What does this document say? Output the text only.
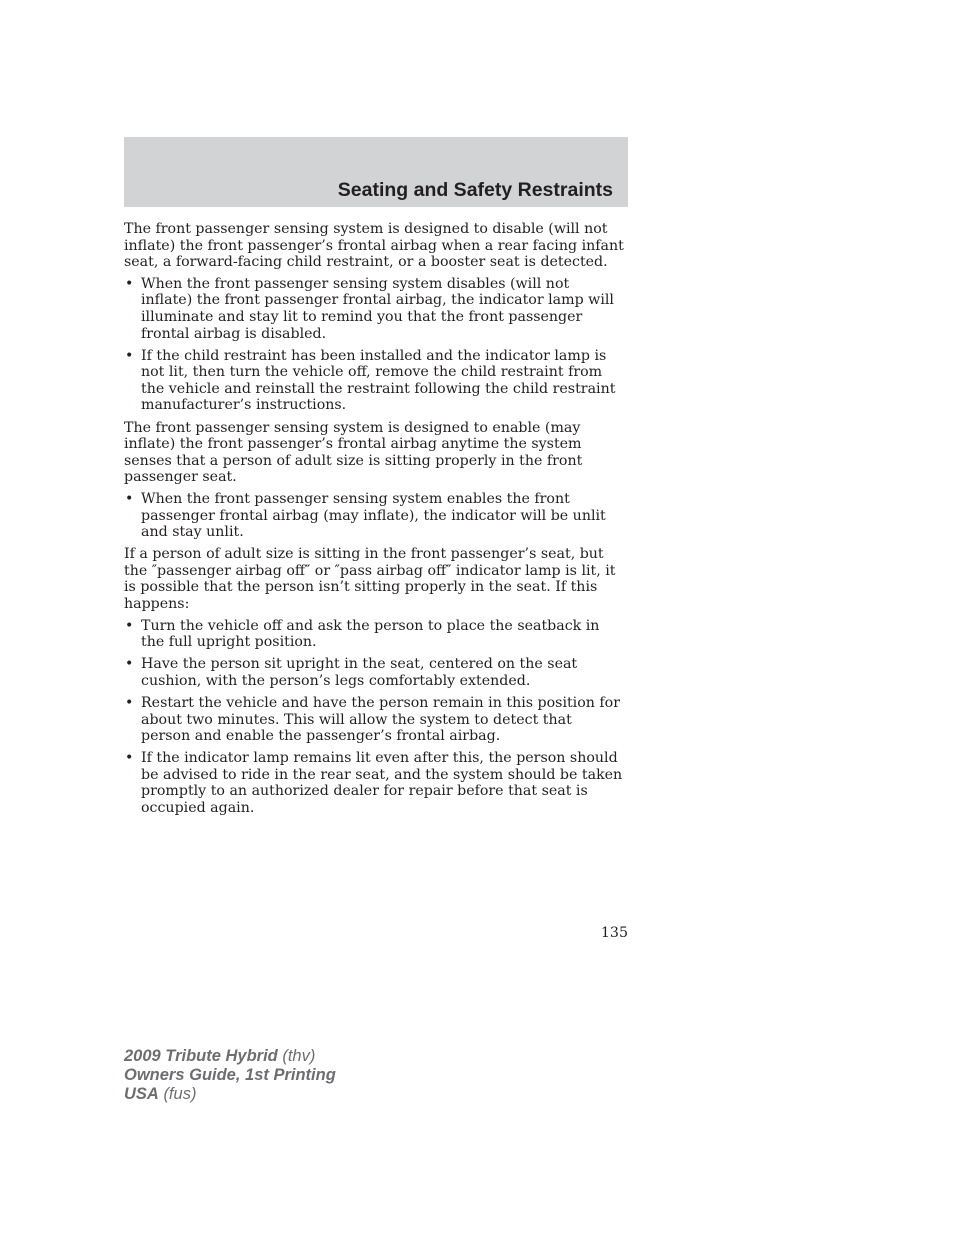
Seating and Safety Restraints

The front passenger sensing system is designed to disable (will not inflate) the front passenger’s frontal airbag when a rear facing infant seat, a forward-facing child restraint, or a booster seat is detected.

• When the front passenger sensing system disables (will not inflate) the front passenger frontal airbag, the indicator lamp will illuminate and stay lit to remind you that the front passenger frontal airbag is disabled.
• If the child restraint has been installed and the indicator lamp is not lit, then turn the vehicle off, remove the child restraint from the vehicle and reinstall the restraint following the child restraint manufacturer’s instructions.

The front passenger sensing system is designed to enable (may inflate) the front passenger’s frontal airbag anytime the system senses that a person of adult size is sitting properly in the front passenger seat.

• When the front passenger sensing system enables the front passenger frontal airbag (may inflate), the indicator will be unlit and stay unlit.

If a person of adult size is sitting in the front passenger’s seat, but the ″passenger airbag off″ or ″pass airbag off″ indicator lamp is lit, it is possible that the person isn’t sitting properly in the seat. If this happens:

• Turn the vehicle off and ask the person to place the seatback in the full upright position.
• Have the person sit upright in the seat, centered on the seat cushion, with the person’s legs comfortably extended.
• Restart the vehicle and have the person remain in this position for about two minutes. This will allow the system to detect that person and enable the passenger’s frontal airbag.
• If the indicator lamp remains lit even after this, the person should be advised to ride in the rear seat, and the system should be taken promptly to an authorized dealer for repair before that seat is occupied again.

135

2009 Tribute Hybrid (thv)
Owners Guide, 1st Printing
USA (fus)
